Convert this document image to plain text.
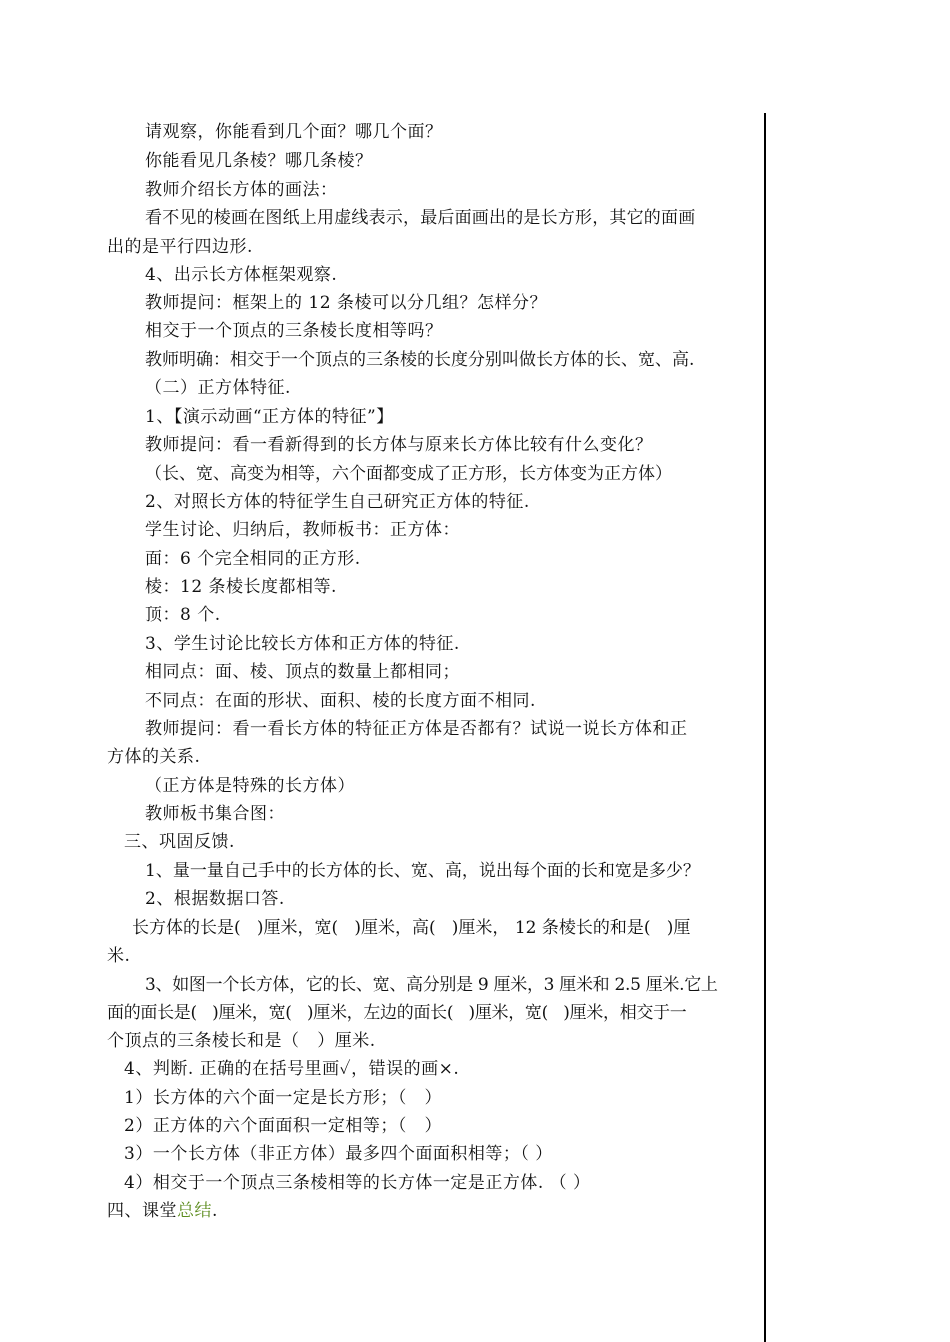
请观察，你能看到几个面？哪几个面？
你能看见几条棱？哪几条棱？
教师介绍长方体的画法：
看不见的棱画在图纸上用虚线表示，最后面画出的是长方形，其它的面画
出的是平行四边形.
4、出示长方体框架观察.
教师提问：框架上的 12 条棱可以分几组？怎样分？
相交于一个顶点的三条棱长度相等吗？
教师明确：相交于一个顶点的三条棱的长度分别叫做长方体的长、宽、高.
（二）正方体特征.
1、【演示动画“正方体的特征”】
教师提问：看一看新得到的长方体与原来长方体比较有什么变化？
（长、宽、高变为相等，六个面都变成了正方形，长方体变为正方体）
2、对照长方体的特征学生自己研究正方体的特征.
学生讨论、归纳后，教师板书：正方体：
面：6 个完全相同的正方形.
棱：12 条棱长度都相等.
顶：8 个.
3、学生讨论比较长方体和正方体的特征.
相同点：面、棱、顶点的数量上都相同；
不同点：在面的形状、面积、棱的长度方面不相同.
教师提问：看一看长方体的特征正方体是否都有？试说一说长方体和正
方体的关系.
（正方体是特殊的长方体）
教师板书集合图：
三、巩固反馈.
1、量一量自己手中的长方体的长、宽、高，说出每个面的长和宽是多少？
2、根据数据口答.
长方体的长是(   )厘米，宽(   )厘米，高(   )厘米， 12 条棱长的和是(   )厘
米.
3、如图一个长方体，它的长、宽、高分别是 9 厘米，3 厘米和 2.5 厘米.它上
面的面长是(   )厘米，宽(   )厘米，左边的面长(   )厘米，宽(   )厘米，相交于一
个顶点的三条棱长和是（   ）厘米.
4、判断. 正确的在括号里画✓，错误的画×.
1）长方体的六个面一定是长方形；（   ）
2）正方体的六个面面积一定相等；（   ）
3）一个长方体（非正方体）最多四个面面积相等；（ ）
4）相交于一个顶点三条棱相等的长方体一定是正方体. （ ）
四、课堂总结.
